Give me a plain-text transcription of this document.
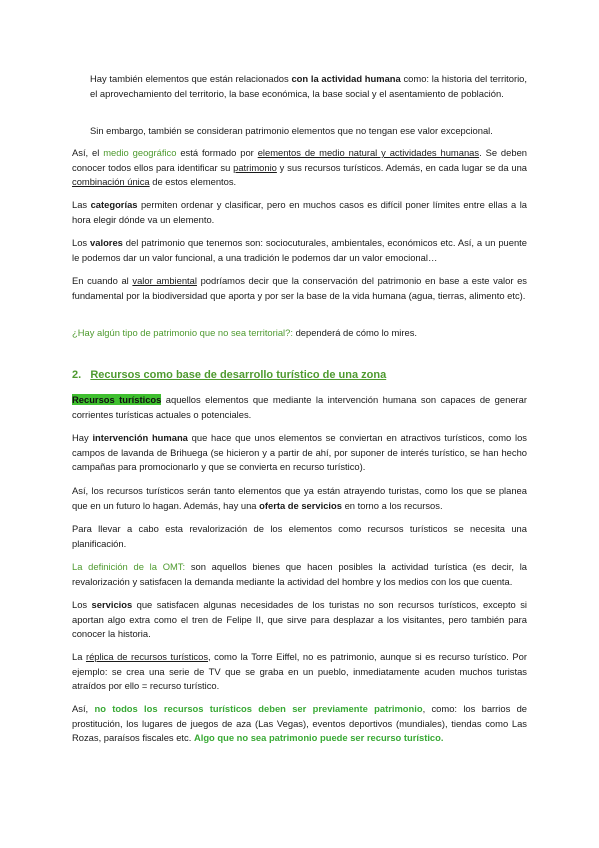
Hay también elementos que están relacionados con la actividad humana como: la historia del territorio, el aprovechamiento del territorio, la base económica, la base social y el asentamiento de población.

Sin embargo, también se consideran patrimonio elementos que no tengan ese valor excepcional.

Así, el medio geográfico está formado por elementos de medio natural y actividades humanas. Se deben conocer todos ellos para identificar su patrimonio y sus recursos turísticos. Además, en cada lugar se da una combinación única de estos elementos.

Las categorías permiten ordenar y clasificar, pero en muchos casos es difícil poner límites entre ellas a la hora elegir dónde va un elemento.

Los valores del patrimonio que tenemos son: sociocuturales, ambientales, económicos etc. Así, a un puente le podemos dar un valor funcional, a una tradición le podemos dar un valor emocional…

En cuando al valor ambiental podríamos decir que la conservación del patrimonio en base a este valor es fundamental por la biodiversidad que aporta y por ser la base de la vida humana (agua, tierras, alimento etc).

¿Hay algún tipo de patrimonio que no sea territorial?: dependerá de cómo lo mires.

2. Recursos como base de desarrollo turístico de una zona

Recursos turísticos aquellos elementos que mediante la intervención humana son capaces de generar corrientes turísticas actuales o potenciales.

Hay intervención humana que hace que unos elementos se conviertan en atractivos turísticos, como los campos de lavanda de Brihuega (se hicieron y a partir de ahí, por suponer de interés turístico, se han hecho campañas para promocionarlo y que se convierta en recurso turístico).

Así, los recursos turísticos serán tanto elementos que ya están atrayendo turistas, como los que se planea que en un futuro lo hagan. Además, hay una oferta de servicios en torno a los recursos.

Para llevar a cabo esta revalorización de los elementos como recursos turísticos se necesita una planificación.

La definición de la OMT: son aquellos bienes que hacen posibles la actividad turística (es decir, la revalorización y satisfacen la demanda mediante la actividad del hombre y los medios con los que cuenta.

Los servicios que satisfacen algunas necesidades de los turistas no son recursos turísticos, excepto si aportan algo extra como el tren de Felipe II, que sirve para desplazar a los visitantes, pero también para conocer la historia.

La réplica de recursos turísticos, como la Torre Eiffel, no es patrimonio, aunque si es recurso turístico. Por ejemplo: se crea una serie de TV que se graba en un pueblo, inmediatamente acuden muchos turistas atraídos por ello = recurso turístico.

Así, no todos los recursos turísticos deben ser previamente patrimonio, como: los barrios de prostitución, los lugares de juegos de aza (Las Vegas), eventos deportivos (mundiales), tiendas como Las Rozas, paraísos fiscales etc. Algo que no sea patrimonio puede ser recurso turístico.
